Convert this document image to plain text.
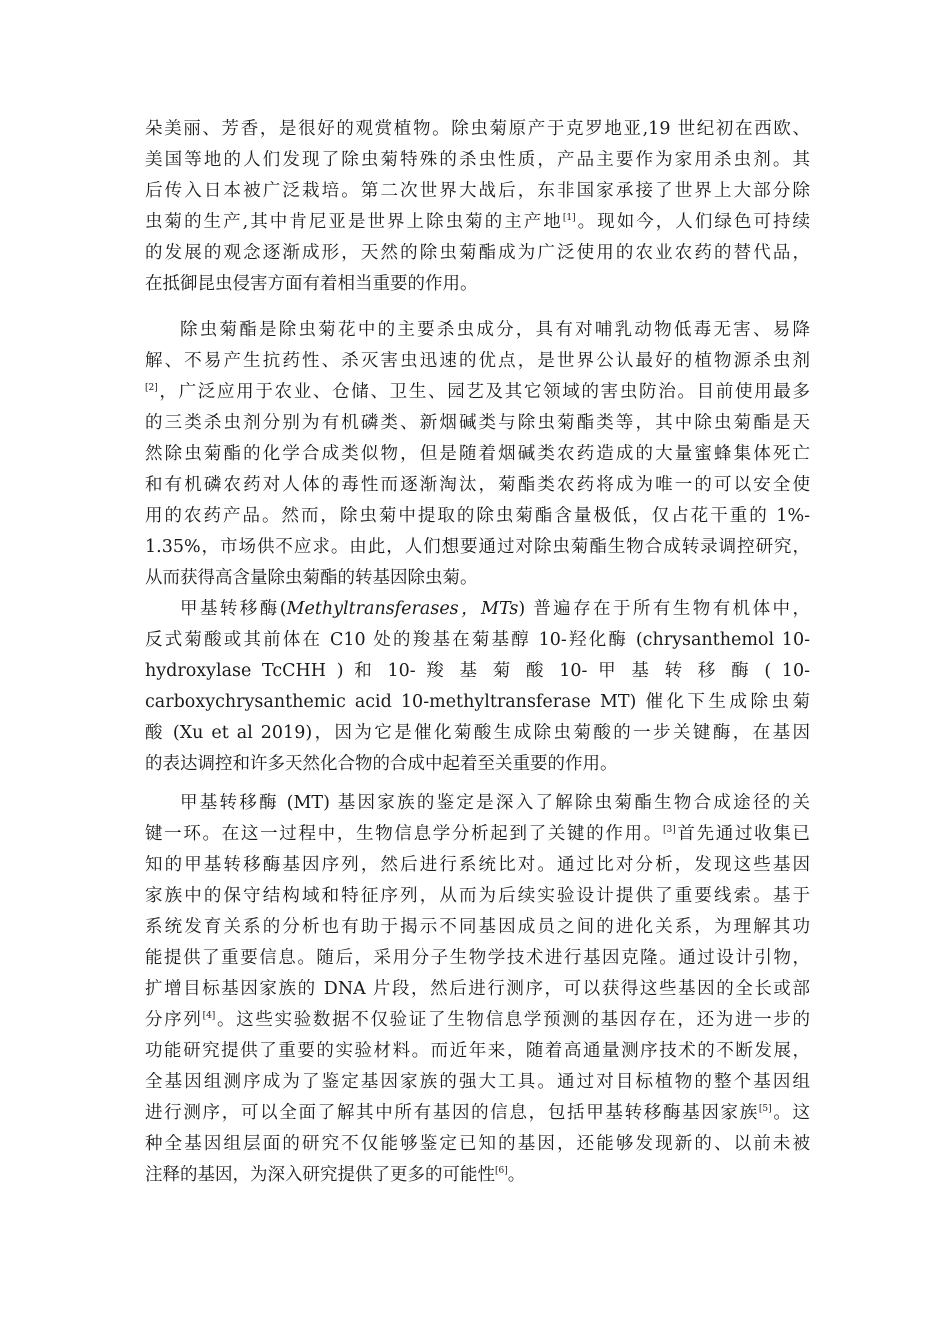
朵美丽、芳香，是很好的观赏植物。除虫菊原产于克罗地亚,19 世纪初在西欧、
美国等地的人们发现了除虫菊特殊的杀虫性质，产品主要作为家用杀虫剂。其
后传入日本被广泛栽培。第二次世界大战后，东非国家承接了世界上大部分除
虫菊的生产,其中肯尼亚是世界上除虫菊的主产地[1]。现如今，人们绿色可持续
的发展的观念逐渐成形，天然的除虫菊酯成为广泛使用的农业农药的替代品，
在抵御昆虫侵害方面有着相当重要的作用。
除虫菊酯是除虫菊花中的主要杀虫成分，具有对哺乳动物低毒无害、易降
解、不易产生抗药性、杀灭害虫迅速的优点，是世界公认最好的植物源杀虫剂
[2]，广泛应用于农业、仓储、卫生、园艺及其它领域的害虫防治。目前使用最多
的三类杀虫剂分别为有机磷类、新烟碱类与除虫菊酯类等，其中除虫菊酯是天
然除虫菊酯的化学合成类似物，但是随着烟碱类农药造成的大量蜜蜂集体死亡
和有机磷农药对人体的毒性而逐渐淘汰，菊酯类农药将成为唯一的可以安全使
用的农药产品。然而，除虫菊中提取的除虫菊酯含量极低，仅占花干重的 1%-
1.35%，市场供不应求。由此，人们想要通过对除虫菊酯生物合成转录调控研究，
从而获得高含量除虫菊酯的转基因除虫菊。
甲基转移酶(Methyltransferases，MTs) 普遍存在于所有生物有机体中，
反式菊酸或其前体在 C10 处的羧基在菊基醇 10-羟化酶 (chrysanthemol 10-
hydroxylase TcCHH ) 和 10- 羧 基 菊 酸 10- 甲 基 转 移 酶 ( 10-
carboxychrysanthemic acid 10-methyltransferase MT) 催化下生成除虫菊
酸 (Xu et al 2019)，因为它是催化菊酸生成除虫菊酸的一步关键酶，在基因
的表达调控和许多天然化合物的合成中起着至关重要的作用。
甲基转移酶 (MT) 基因家族的鉴定是深入了解除虫菊酯生物合成途径的关
键一环。在这一过程中，生物信息学分析起到了关键的作用。[3]首先通过收集已
知的甲基转移酶基因序列，然后进行系统比对。通过比对分析，发现这些基因
家族中的保守结构域和特征序列，从而为后续实验设计提供了重要线索。基于
系统发育关系的分析也有助于揭示不同基因成员之间的进化关系，为理解其功
能提供了重要信息。随后，采用分子生物学技术进行基因克隆。通过设计引物，
扩增目标基因家族的 DNA 片段，然后进行测序，可以获得这些基因的全长或部
分序列[4]。这些实验数据不仅验证了生物信息学预测的基因存在，还为进一步的
功能研究提供了重要的实验材料。而近年来，随着高通量测序技术的不断发展，
全基因组测序成为了鉴定基因家族的强大工具。通过对目标植物的整个基因组
进行测序，可以全面了解其中所有基因的信息，包括甲基转移酶基因家族[5]。这
种全基因组层面的研究不仅能够鉴定已知的基因，还能够发现新的、以前未被
注释的基因，为深入研究提供了更多的可能性[6]。
